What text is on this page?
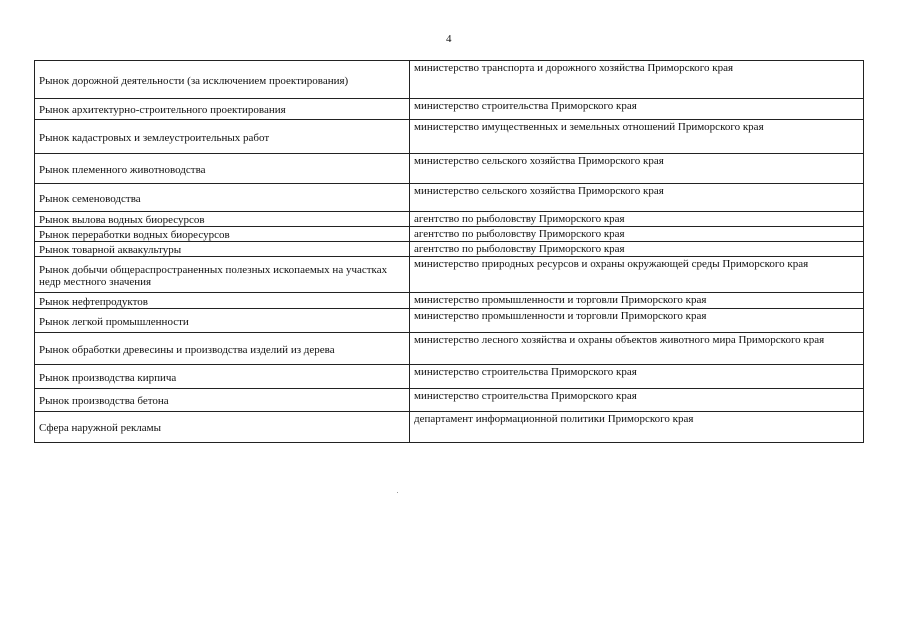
4
Рынок дорожной деятельности (за исключением проектирования)	министерство транспорта и дорожного хозяйства Приморского края
Рынок архитектурно-строительного проектирования	министерство строительства Приморского края
Рынок кадастровых и землеустроительных работ	министерство имущественных и земельных отношений Приморского края
Рынок племенного животноводства	министерство сельского хозяйства Приморского края
Рынок семеноводства	министерство сельского хозяйства Приморского края
Рынок вылова водных биоресурсов	агентство по рыболовству Приморского края
Рынок переработки водных биоресурсов	агентство по рыболовству Приморского края
Рынок товарной аквакультуры	агентство по рыболовству Приморского края
Рынок добычи общераспространенных полезных ископаемых на участках недр местного значения	министерство природных ресурсов и охраны окружающей среды Приморского края
Рынок нефтепродуктов	министерство промышленности и торговли Приморского края
Рынок легкой промышленности	министерство промышленности и торговли Приморского края
Рынок обработки древесины и производства изделий из дерева	министерство лесного хозяйства и охраны объектов животного мира Приморского края
Рынок производства кирпича	министерство строительства Приморского края
Рынок производства бетона	министерство строительства Приморского края
Сфера наружной рекламы	департамент информационной политики Приморского края
